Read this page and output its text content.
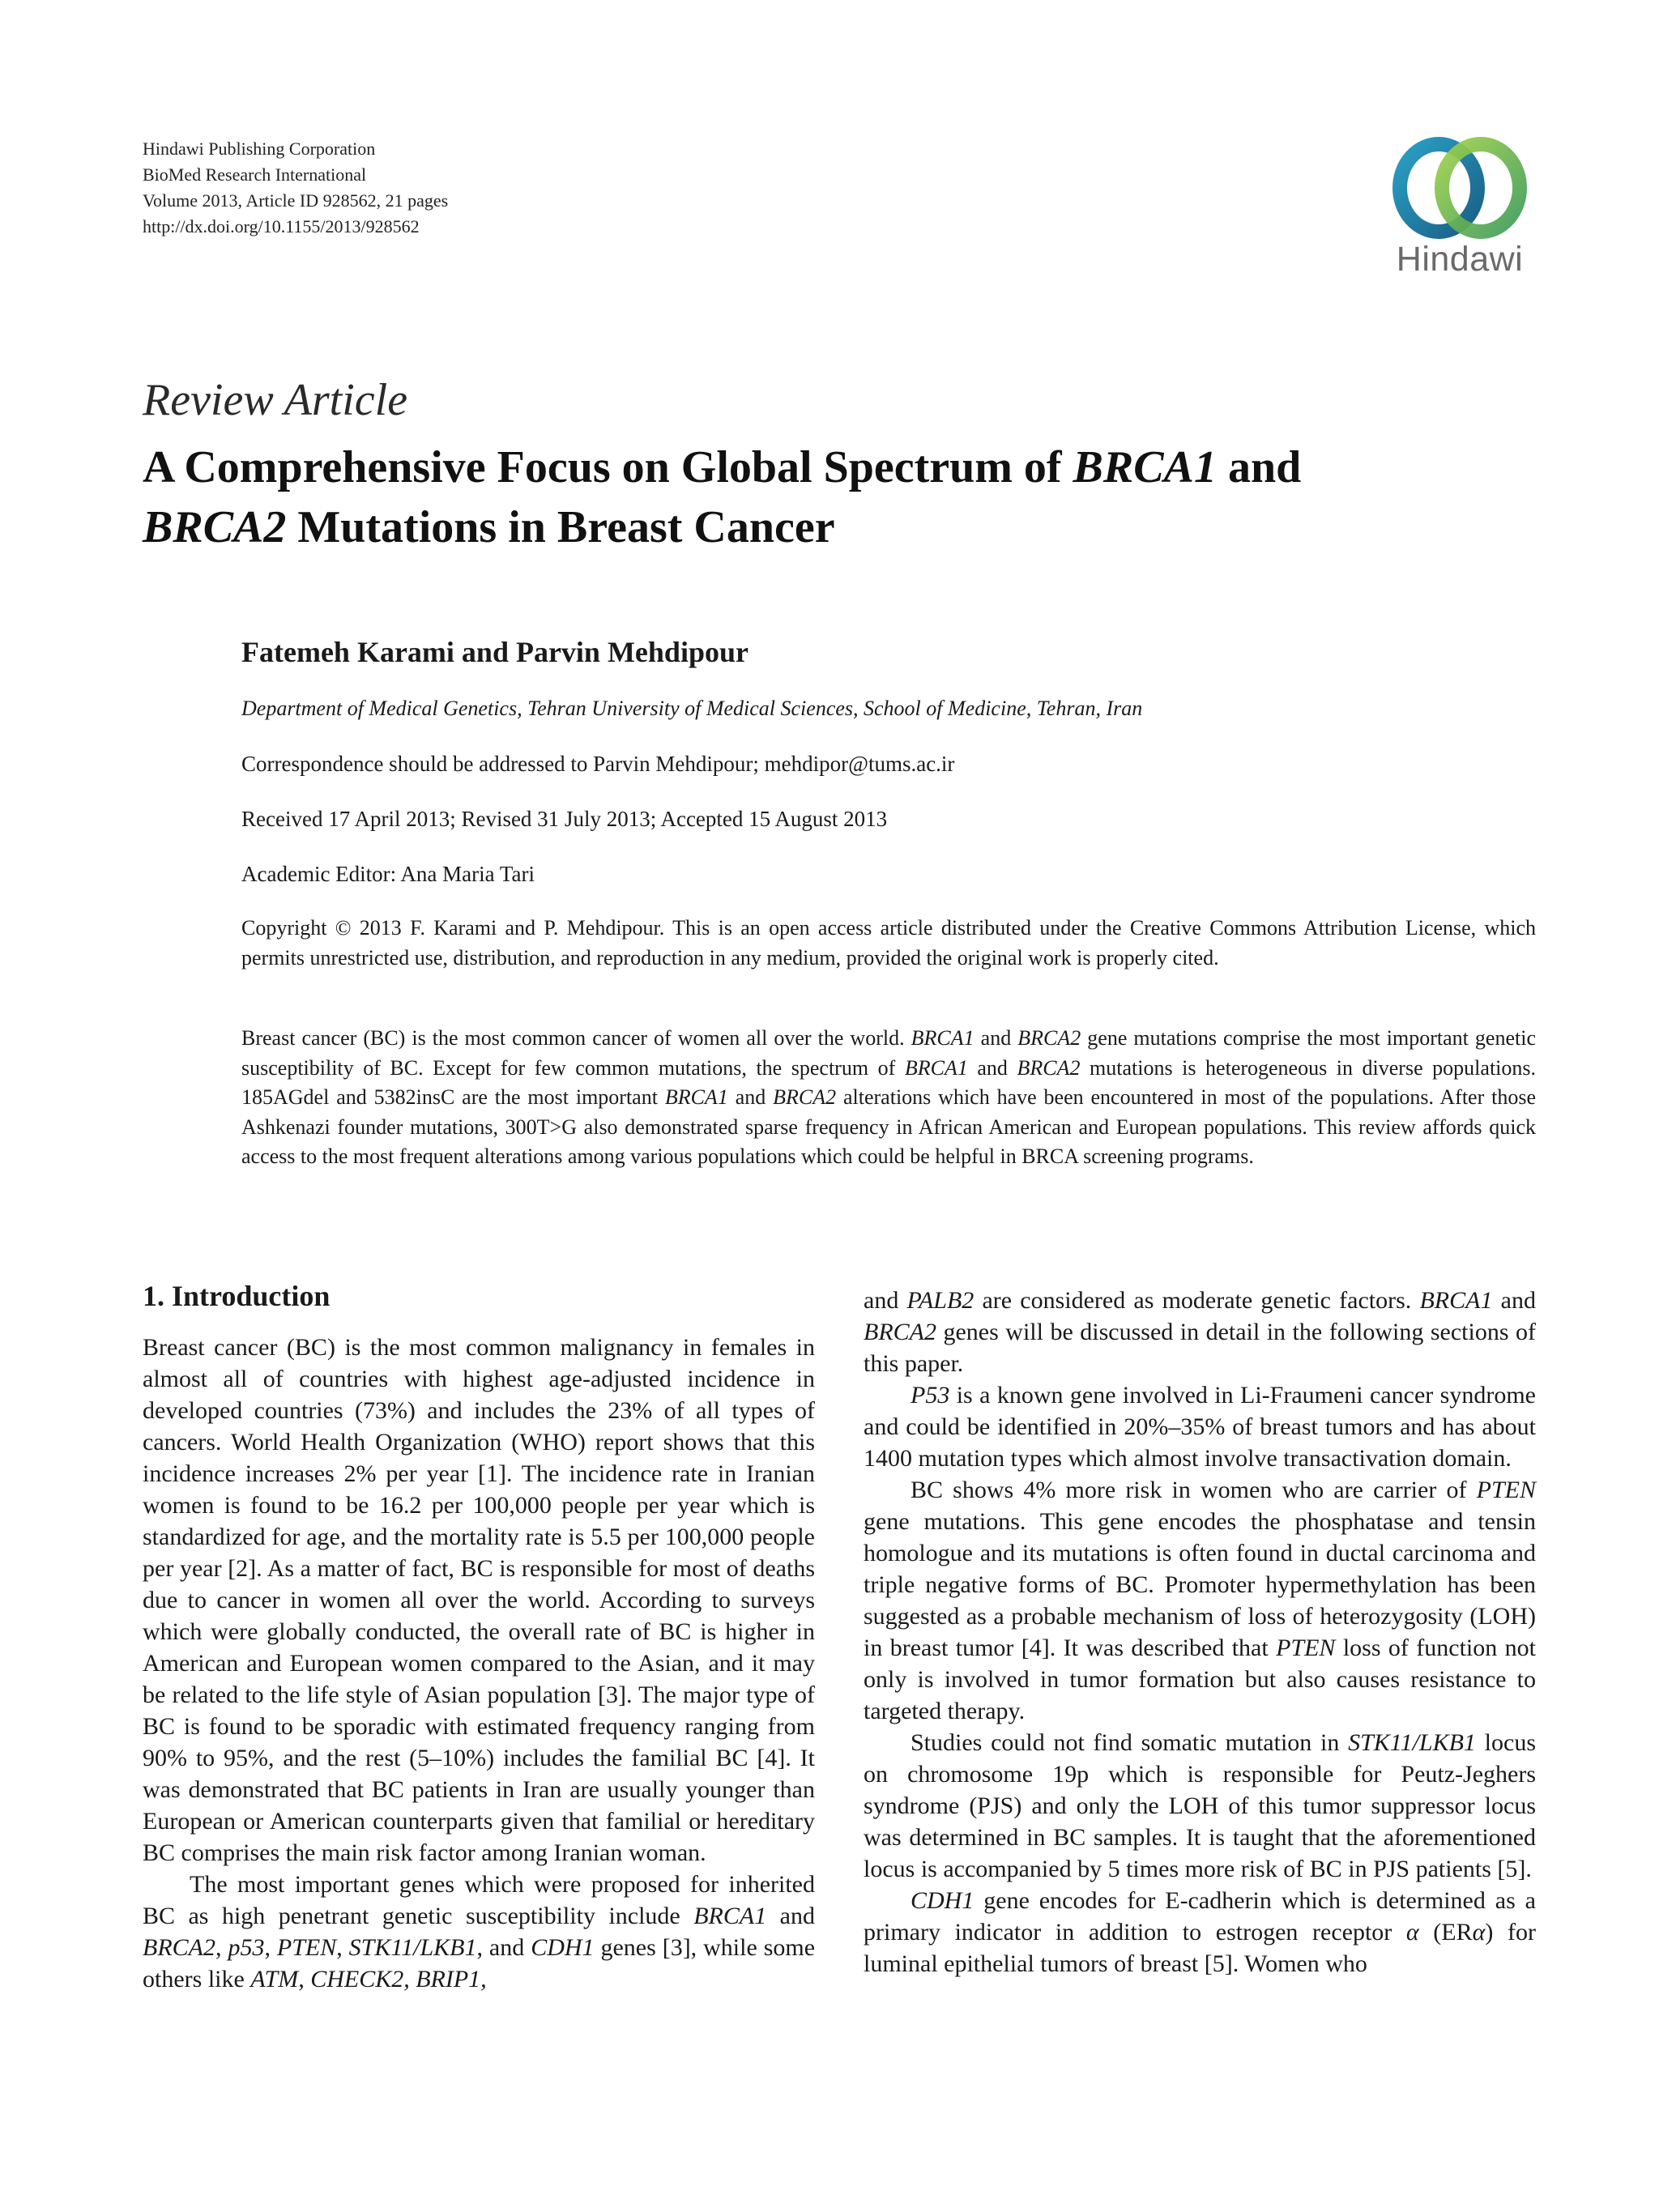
Hindawi Publishing Corporation
BioMed Research International
Volume 2013, Article ID 928562, 21 pages
http://dx.doi.org/10.1155/2013/928562
Hindawi
Review Article
A Comprehensive Focus on Global Spectrum of BRCA1 and
BRCA2 Mutations in Breast Cancer
Fatemeh Karami and Parvin Mehdipour
Department of Medical Genetics, Tehran University of Medical Sciences, School of Medicine, Tehran, Iran
Correspondence should be addressed to Parvin Mehdipour; mehdipor@tums.ac.ir
Received 17 April 2013; Revised 31 July 2013; Accepted 15 August 2013
Academic Editor: Ana Maria Tari
Copyright © 2013 F. Karami and P. Mehdipour. This is an open access article distributed under the Creative Commons Attribution License, which permits unrestricted use, distribution, and reproduction in any medium, provided the original work is properly cited.
Breast cancer (BC) is the most common cancer of women all over the world. BRCA1 and BRCA2 gene mutations comprise the most important genetic susceptibility of BC. Except for few common mutations, the spectrum of BRCA1 and BRCA2 mutations is heterogeneous in diverse populations. 185AGdel and 5382insC are the most important BRCA1 and BRCA2 alterations which have been encountered in most of the populations. After those Ashkenazi founder mutations, 300T>G also demonstrated sparse frequency in African American and European populations. This review affords quick access to the most frequent alterations among various populations which could be helpful in BRCA screening programs.
1. Introduction

Breast cancer (BC) is the most common malignancy in females in almost all of countries with highest age-adjusted incidence in developed countries (73%) and includes the 23% of all types of cancers. World Health Organization (WHO) report shows that this incidence increases 2% per year [1]. The incidence rate in Iranian women is found to be 16.2 per 100,000 people per year which is standardized for age, and the mortality rate is 5.5 per 100,000 people per year [2]. As a matter of fact, BC is responsible for most of deaths due to cancer in women all over the world. According to surveys which were globally conducted, the overall rate of BC is higher in American and European women compared to the Asian, and it may be related to the life style of Asian population [3]. The major type of BC is found to be sporadic with estimated frequency ranging from 90% to 95%, and the rest (5–10%) includes the familial BC [4]. It was demonstrated that BC patients in Iran are usually younger than European or American counterparts given that familial or hereditary BC comprises the main risk factor among Iranian woman.

The most important genes which were proposed for inherited BC as high penetrant genetic susceptibility include BRCA1 and BRCA2, p53, PTEN, STK11/LKB1, and CDH1 genes [3], while some others like ATM, CHECK2, BRIP1,

and PALB2 are considered as moderate genetic factors. BRCA1 and BRCA2 genes will be discussed in detail in the following sections of this paper.

P53 is a known gene involved in Li-Fraumeni cancer syndrome and could be identified in 20%–35% of breast tumors and has about 1400 mutation types which almost involve transactivation domain.

BC shows 4% more risk in women who are carrier of PTEN gene mutations. This gene encodes the phosphatase and tensin homologue and its mutations is often found in ductal carcinoma and triple negative forms of BC. Promoter hypermethylation has been suggested as a probable mechanism of loss of heterozygosity (LOH) in breast tumor [4]. It was described that PTEN loss of function not only is involved in tumor formation but also causes resistance to targeted therapy.

Studies could not find somatic mutation in STK11/LKB1 locus on chromosome 19p which is responsible for Peutz-Jeghers syndrome (PJS) and only the LOH of this tumor suppressor locus was determined in BC samples. It is taught that the aforementioned locus is accompanied by 5 times more risk of BC in PJS patients [5].

CDH1 gene encodes for E-cadherin which is determined as a primary indicator in addition to estrogen receptor α (ERα) for luminal epithelial tumors of breast [5]. Women who
